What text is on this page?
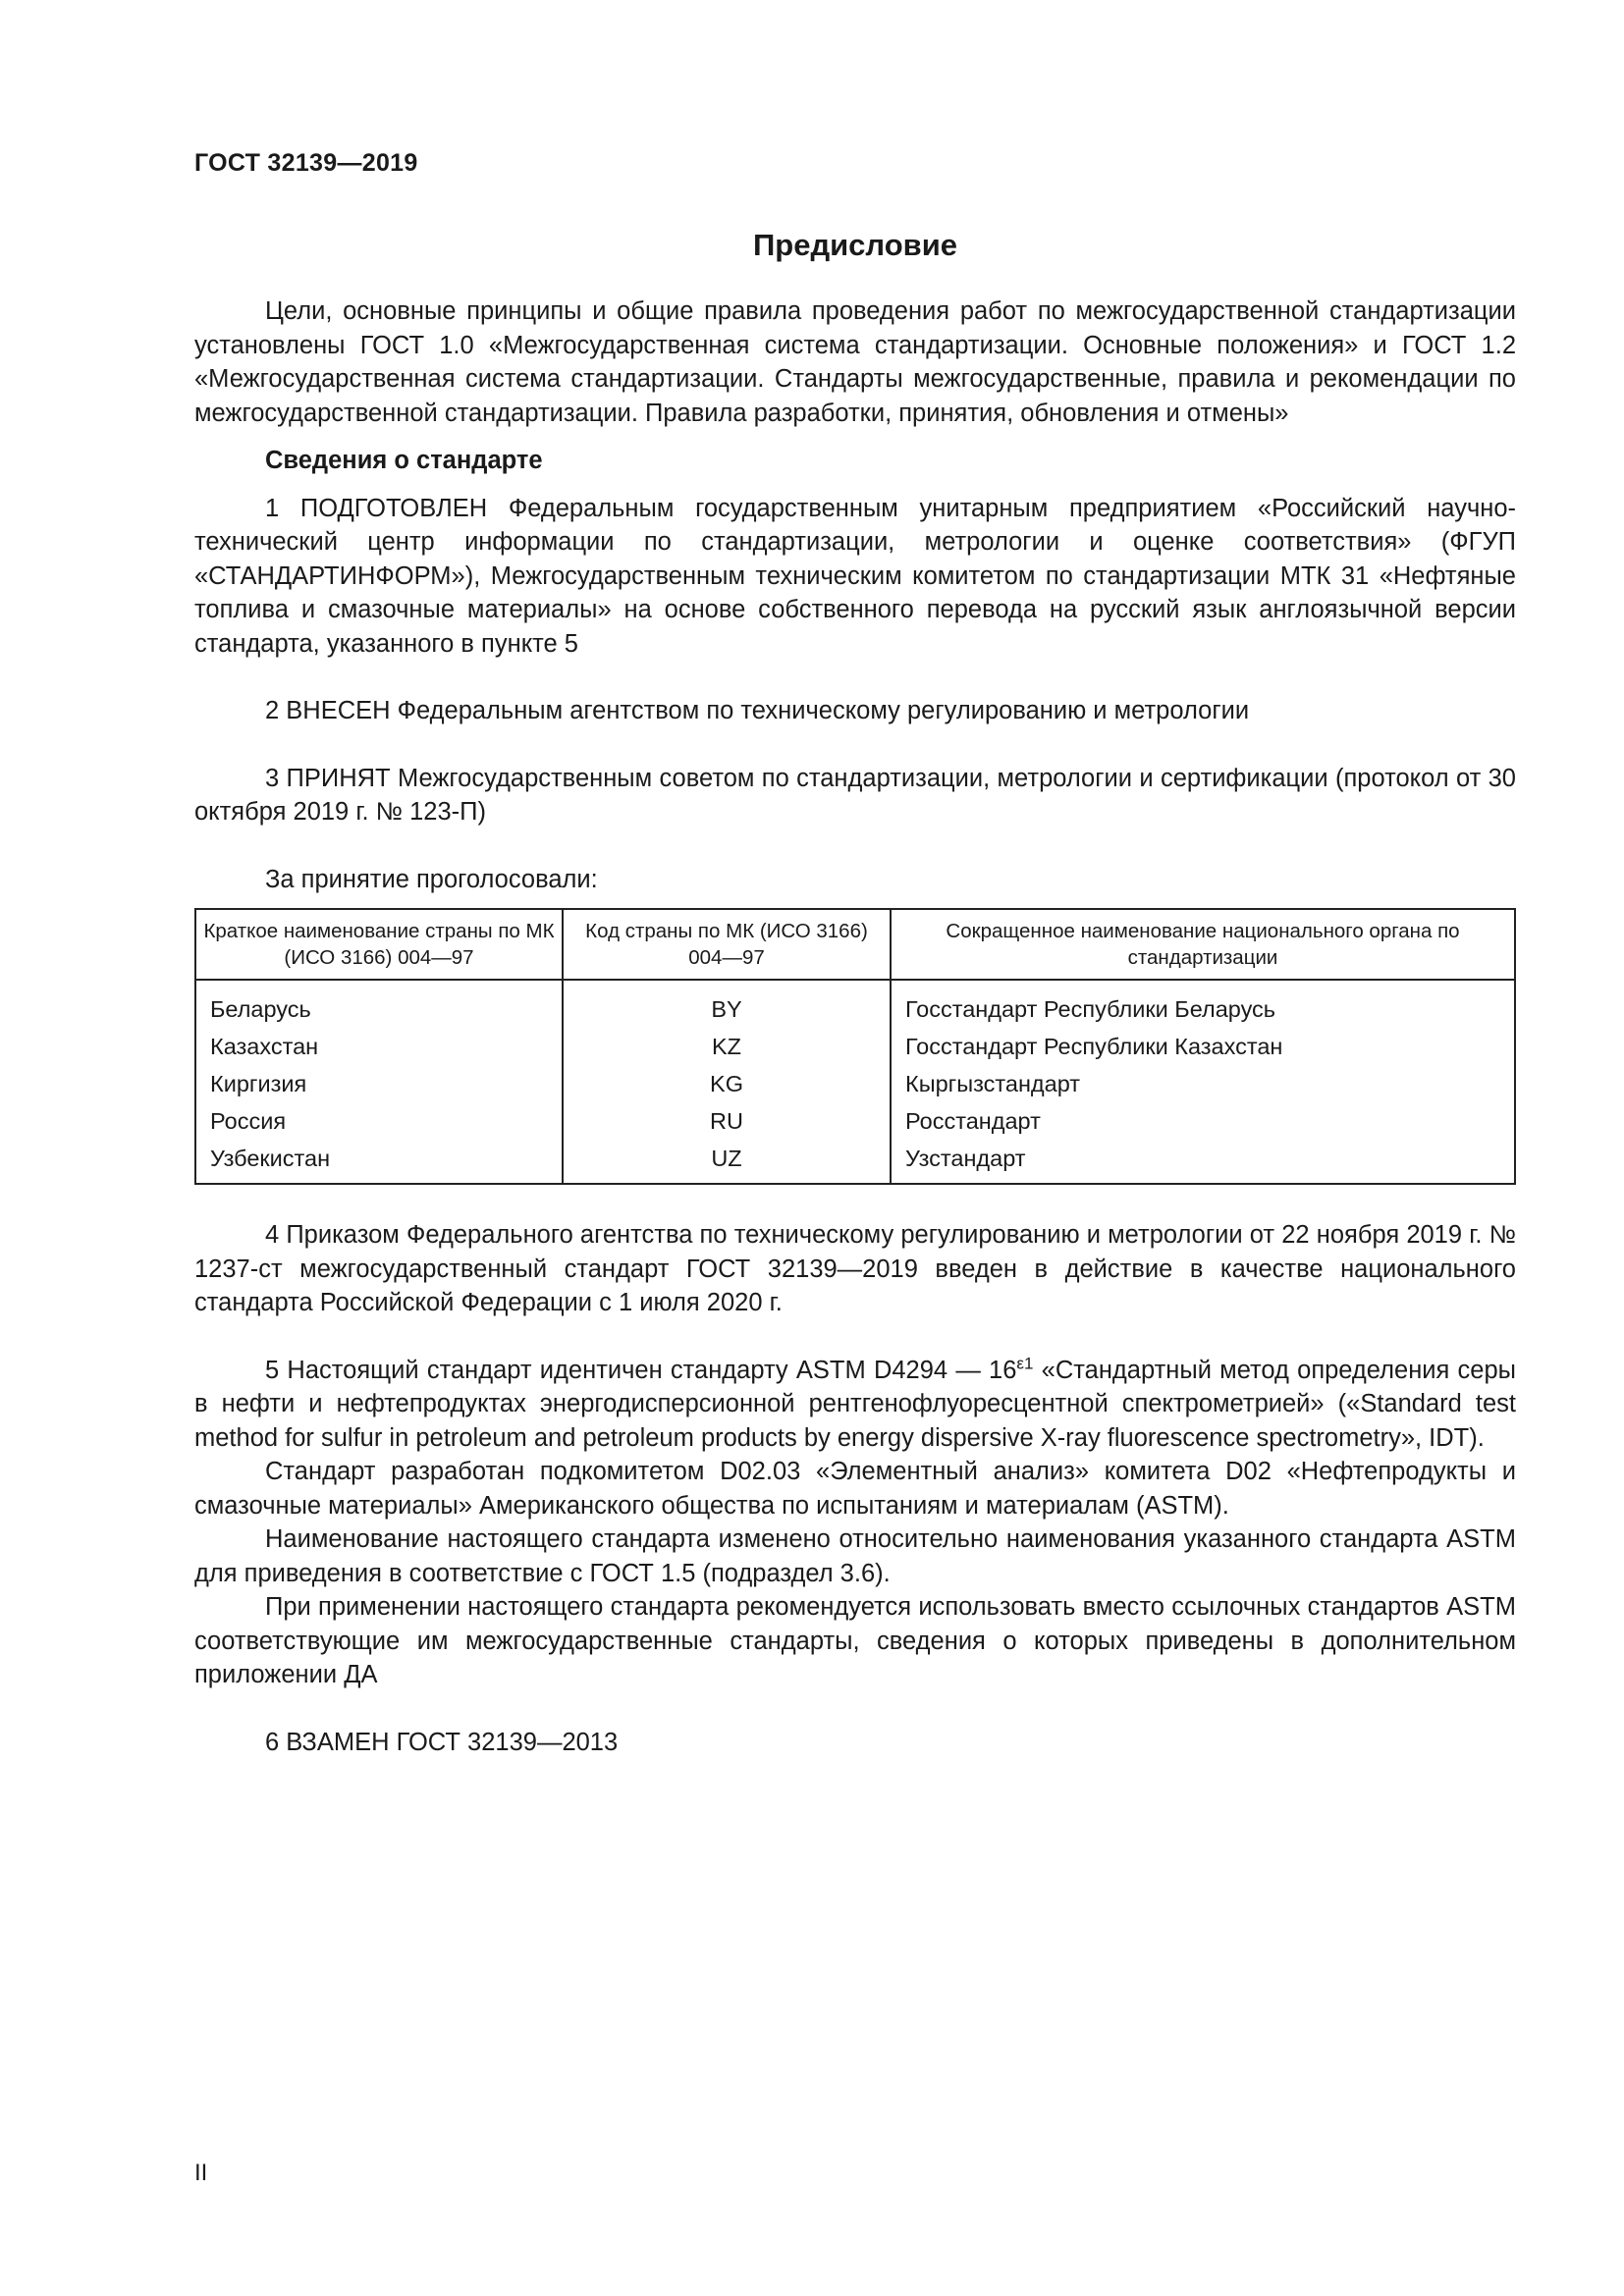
ГОСТ 32139—2019
Предисловие

Цели, основные принципы и общие правила проведения работ по межгосударственной стандартизации установлены ГОСТ 1.0 «Межгосударственная система стандартизации. Основные положения» и ГОСТ 1.2 «Межгосударственная система стандартизации. Стандарты межгосударственные, правила и рекомендации по межгосударственной стандартизации. Правила разработки, принятия, обновления и отмены»

Сведения о стандарте

1 ПОДГОТОВЛЕН Федеральным государственным унитарным предприятием «Российский научно-технический центр информации по стандартизации, метрологии и оценке соответствия» (ФГУП «СТАНДАРТИНФОРМ»), Межгосударственным техническим комитетом по стандартизации МТК 31 «Нефтяные топлива и смазочные материалы» на основе собственного перевода на русский язык англоязычной версии стандарта, указанного в пункте 5

2 ВНЕСЕН Федеральным агентством по техническому регулированию и метрологии

3 ПРИНЯТ Межгосударственным советом по стандартизации, метрологии и сертификации (протокол от 30 октября 2019 г. № 123-П)

За принятие проголосовали:

Краткое наименование страны по МК (ИСО 3166) 004—97	Код страны по МК (ИСО 3166) 004—97	Сокращенное наименование национального органа по стандартизации
Беларусь	BY	Госстандарт Республики Беларусь
Казахстан	KZ	Госстандарт Республики Казахстан
Киргизия	KG	Кыргызстандарт
Россия	RU	Росстандарт
Узбекистан	UZ	Узстандарт

4 Приказом Федерального агентства по техническому регулированию и метрологии от 22 ноября 2019 г. № 1237-ст межгосударственный стандарт ГОСТ 32139—2019 введен в действие в качестве национального стандарта Российской Федерации с 1 июля 2020 г.

5 Настоящий стандарт идентичен стандарту ASTM D4294 — $16^{\varepsilon 1}$ «Стандартный метод определения серы в нефти и нефтепродуктах энергодисперсионной рентгенофлуоресцентной спектрометрией» («Standard test method for sulfur in petroleum and petroleum products by energy dispersive X-ray fluorescence spectrometry», IDT).

Стандарт разработан подкомитетом D02.03 «Элементный анализ» комитета D02 «Нефтепродукты и смазочные материалы» Американского общества по испытаниям и материалам (ASTM).

Наименование настоящего стандарта изменено относительно наименования указанного стандарта ASTM для приведения в соответствие с ГОСТ 1.5 (подраздел 3.6).

При применении настоящего стандарта рекомендуется использовать вместо ссылочных стандартов ASTM соответствующие им межгосударственные стандарты, сведения о которых приведены в дополнительном приложении ДА

6 ВЗАМЕН ГОСТ 32139—2013

II
